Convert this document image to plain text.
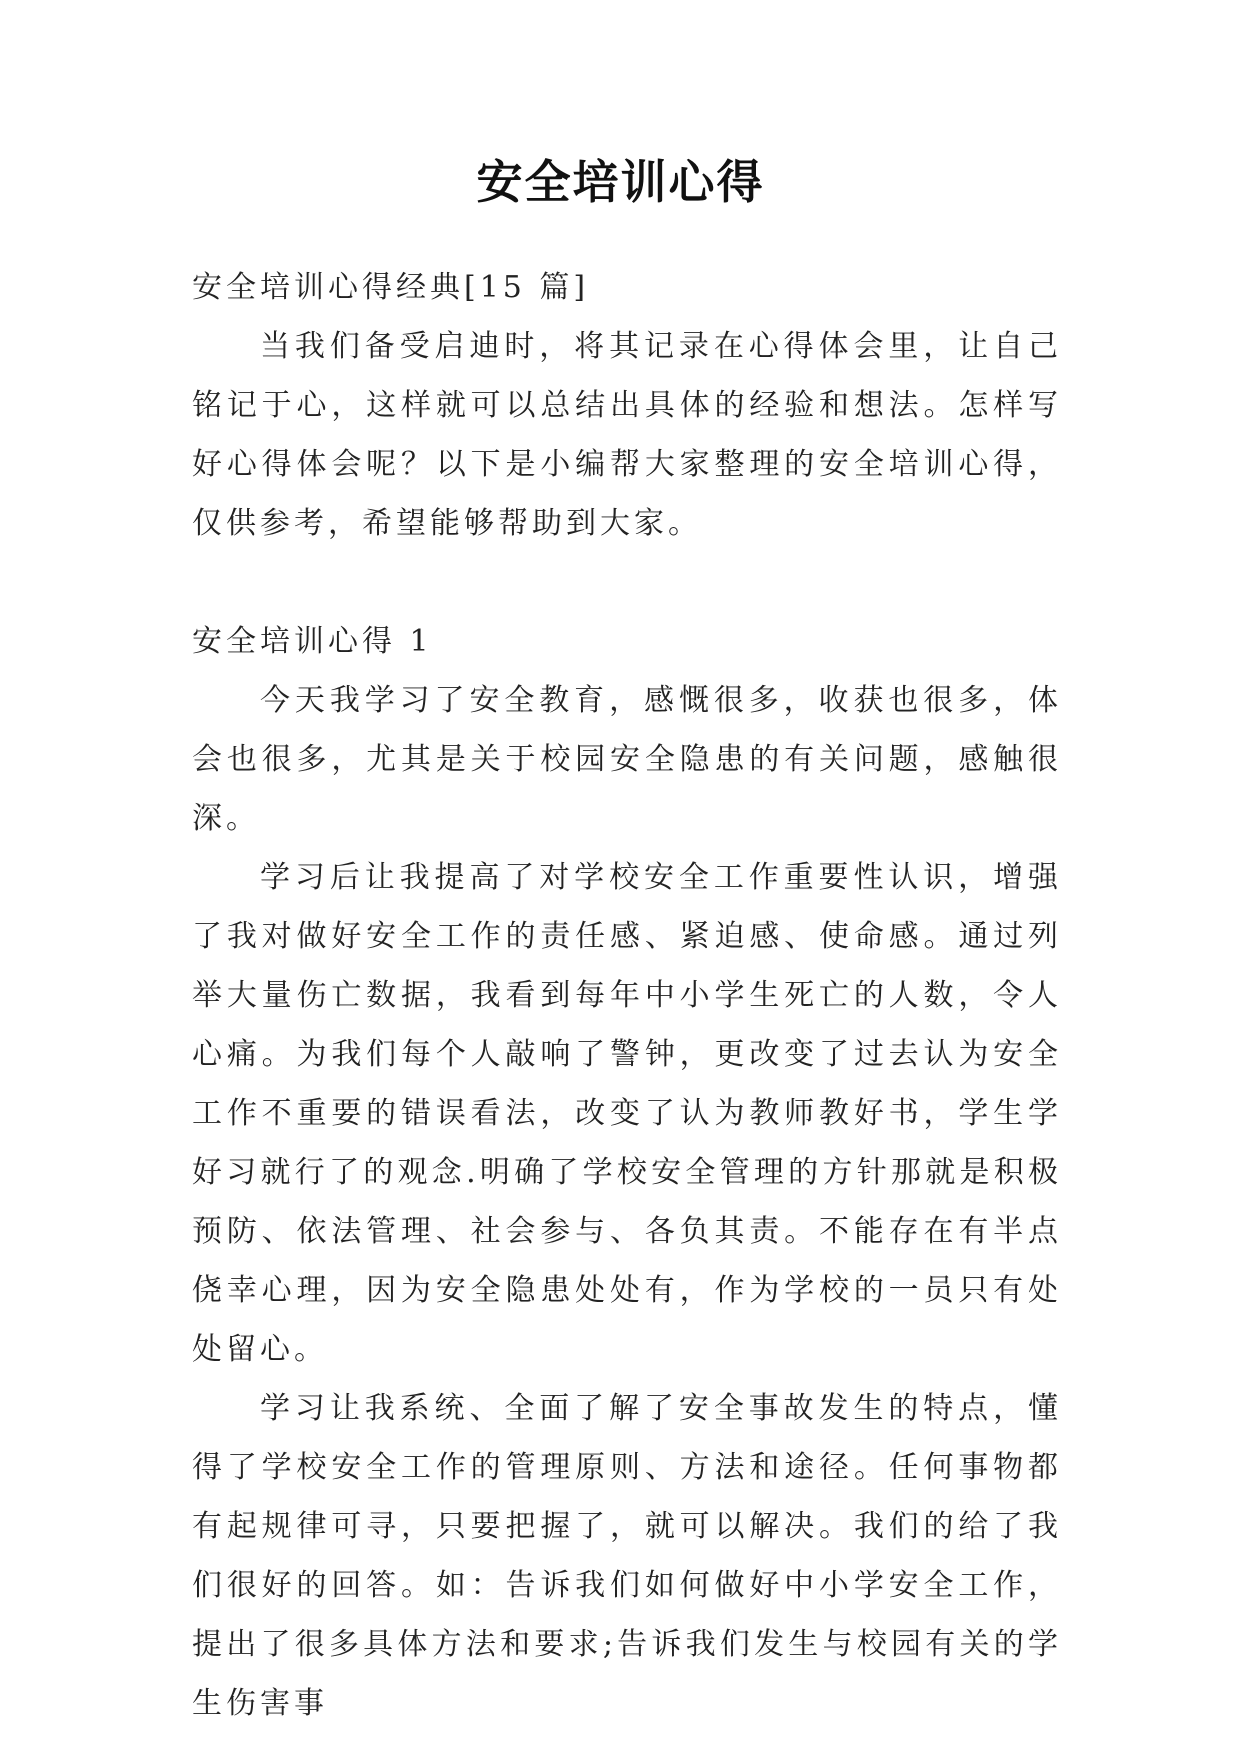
安全培训心得

安全培训心得经典[15 篇]

当我们备受启迪时，将其记录在心得体会里，让自己铭记于心，这样就可以总结出具体的经验和想法。怎样写好心得体会呢？以下是小编帮大家整理的安全培训心得，仅供参考，希望能够帮助到大家。

安全培训心得 1

今天我学习了安全教育，感慨很多，收获也很多，体会也很多，尤其是关于校园安全隐患的有关问题，感触很深。

学习后让我提高了对学校安全工作重要性认识，增强了我对做好安全工作的责任感、紧迫感、使命感。通过列举大量伤亡数据，我看到每年中小学生死亡的人数，令人心痛。为我们每个人敲响了警钟，更改变了过去认为安全工作不重要的错误看法，改变了认为教师教好书，学生学好习就行了的观念.明确了学校安全管理的方针那就是积极预防、依法管理、社会参与、各负其责。不能存在有半点侥幸心理，因为安全隐患处处有，作为学校的一员只有处处留心。

学习让我系统、全面了解了安全事故发生的特点，懂得了学校安全工作的管理原则、方法和途径。任何事物都有起规律可寻，只要把握了，就可以解决。我们的给了我们很好的回答。如：告诉我们如何做好中小学安全工作，提出了很多具体方法和要求;告诉我们发生与校园有关的学生伤害事
